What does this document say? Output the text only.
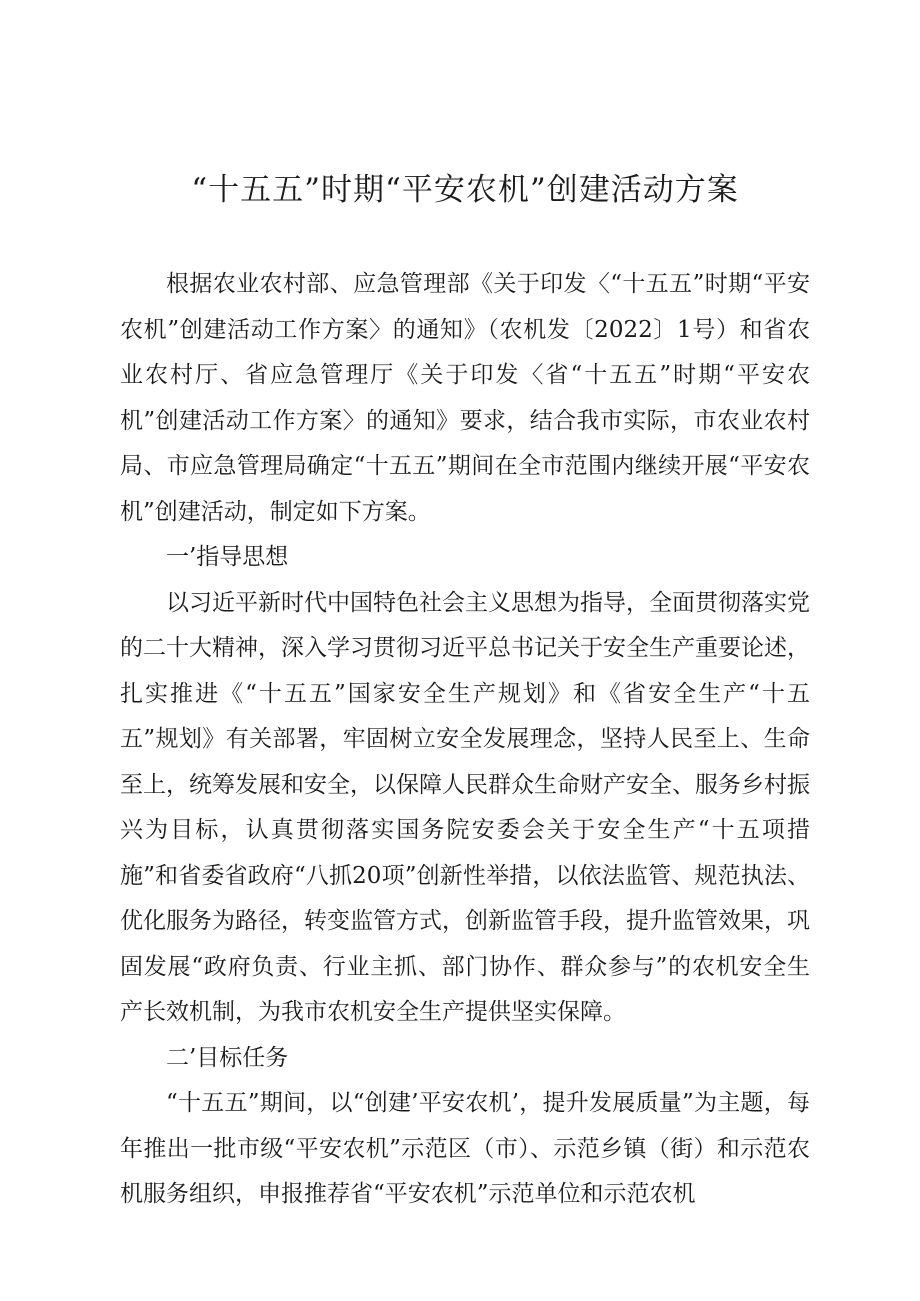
“十五五”时期“平安农机”创建活动方案

根据农业农村部、应急管理部《关于印发〈“十五五”时期“平安农机”创建活动工作方案〉的通知》（农机发〔2022〕1号）和省农业农村厅、省应急管理厅《关于印发〈省“十五五”时期“平安农机”创建活动工作方案〉的通知》要求，结合我市实际，市农业农村局、市应急管理局确定“十五五”期间在全市范围内继续开展“平安农机”创建活动，制定如下方案。

一’指导思想

以习近平新时代中国特色社会主义思想为指导，全面贯彻落实党的二十大精神，深入学习贯彻习近平总书记关于安全生产重要论述，扎实推进《“十五五”国家安全生产规划》和《省安全生产“十五五”规划》有关部署，牢固树立安全发展理念，坚持人民至上、生命至上，统筹发展和安全，以保障人民群众生命财产安全、服务乡村振兴为目标，认真贯彻落实国务院安委会关于安全生产“十五项措施”和省委省政府“八抓20项”创新性举措，以依法监管、规范执法、优化服务为路径，转变监管方式，创新监管手段，提升监管效果，巩固发展“政府负责、行业主抓、部门协作、群众参与”的农机安全生产长效机制，为我市农机安全生产提供坚实保障。

二’目标任务

“十五五”期间，以“创建’平安农机’，提升发展质量”为主题，每年推出一批市级“平安农机”示范区（市）、示范乡镇（街）和示范农机服务组织，申报推荐省“平安农机”示范单位和示范农机
